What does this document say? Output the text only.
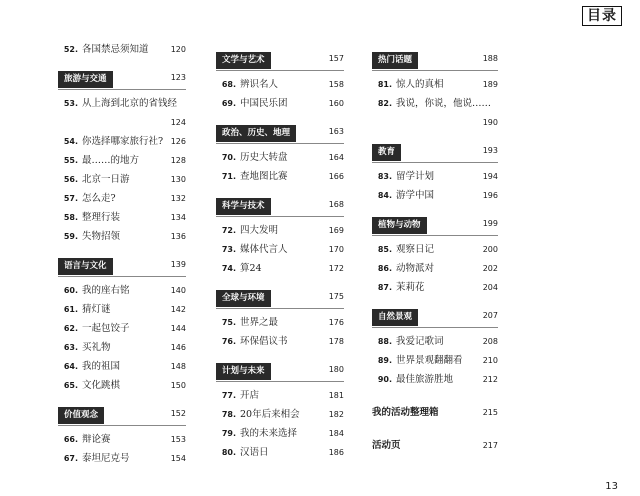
目录
52. 各国禁忌须知道	120
旅游与交通	123
53. 从上海到北京的省钱经
124
54. 你选择哪家旅行社? 126
55. 最……的地方	128
56. 北京一日游	130
57. 怎么走?	132
58. 整理行装	134
59. 失物招领	136
语言与文化	139
60. 我的座右铭	140
61. 猜灯谜	142
62. 一起包饺子	144
63. 买礼物	146
64. 我的祖国	148
65. 文化跳棋	150
价值观念	152
66. 辩论赛	153
67. 泰坦尼克号	154
文学与艺术	157
68. 辨识名人	158
69. 中国民乐团	160
政治、历史、地理	163
70. 历史大转盘	164
71. 查地图比赛	166
科学与技术	168
72. 四大发明	169
73. 媒体代言人	170
74. 算24	172
全球与环境	175
75. 世界之最	176
76. 环保倡议书	178
计划与未来	180
77. 开店	181
78. 20年后来相会	182
79. 我的未来选择	184
80. 汉语日	186
热门话题	188
81. 惊人的真相	189
82. 我说，你说，他说……
190
教育	193
83. 留学计划	194
84. 游学中国	196
植物与动物	199
85. 观察日记	200
86. 动物派对	202
87. 茉莉花	204
自然景观	207
88. 我爱记歌词	208
89. 世界景观翻翻看	210
90. 最佳旅游胜地	212
我的活动整理箱	215
活动页	217
13
